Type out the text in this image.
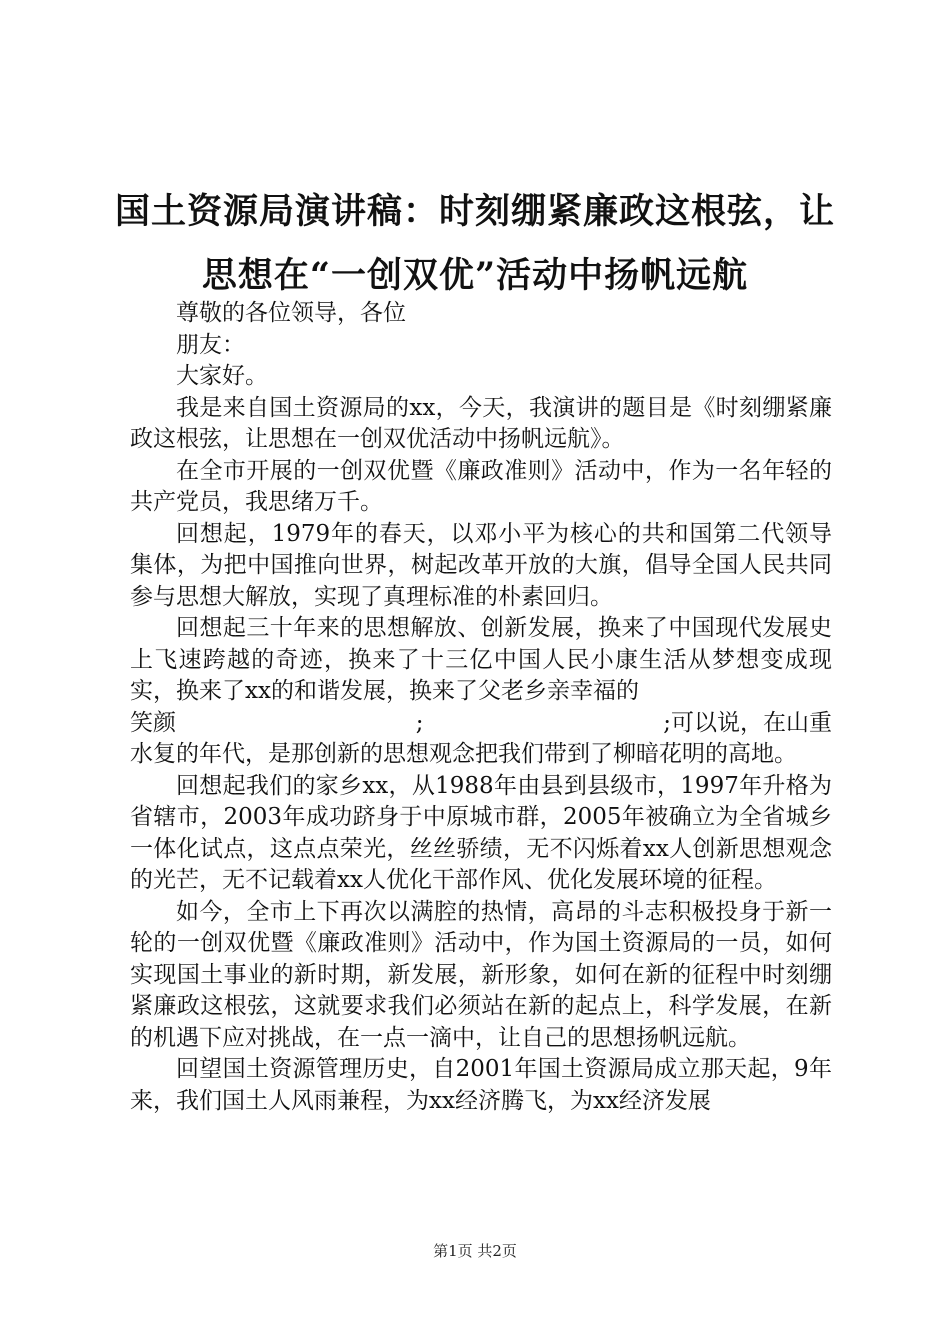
国土资源局演讲稿：时刻绷紧廉政这根弦，让
思想在“一创双优”活动中扬帆远航

尊敬的各位领导，各位

朋友：

大家好。

我是来自国土资源局的xx，今天，我演讲的题目是《时刻绷紧廉政这根弦，让思想在一创双优活动中扬帆远航》。

在全市开展的一创双优暨《廉政准则》活动中，作为一名年轻的共产党员，我思绪万千。

回想起，1979年的春天，以邓小平为核心的共和国第二代领导集体，为把中国推向世界，树起改革开放的大旗，倡导全国人民共同参与思想大解放，实现了真理标准的朴素回归。

回想起三十年来的思想解放、创新发展，换来了中国现代发展史上飞速跨越的奇迹，换来了十三亿中国人民小康生活从梦想变成现实，换来了xx的和谐发展，换来了父老乡亲幸福的

笑颜	;	;可以说，在山重

水复的年代，是那创新的思想观念把我们带到了柳暗花明的高地。

回想起我们的家乡xx，从1988年由县到县级市，1997年升格为省辖市，2003年成功跻身于中原城市群，2005年被确立为全省城乡一体化试点，这点点荣光，丝丝骄绩，无不闪烁着xx人创新思想观念的光芒，无不记载着xx人优化干部作风、优化发展环境的征程。

如今，全市上下再次以满腔的热情，高昂的斗志积极投身于新一轮的一创双优暨《廉政准则》活动中，作为国土资源局的一员，如何实现国土事业的新时期，新发展，新形象，如何在新的征程中时刻绷紧廉政这根弦，这就要求我们必须站在新的起点上，科学发展，在新的机遇下应对挑战，在一点一滴中，让自己的思想扬帆远航。

回望国土资源管理历史，自2001年国土资源局成立那天起，9年来，我们国土人风雨兼程，为xx经济腾飞，为xx经济发展

第1页 共2页
